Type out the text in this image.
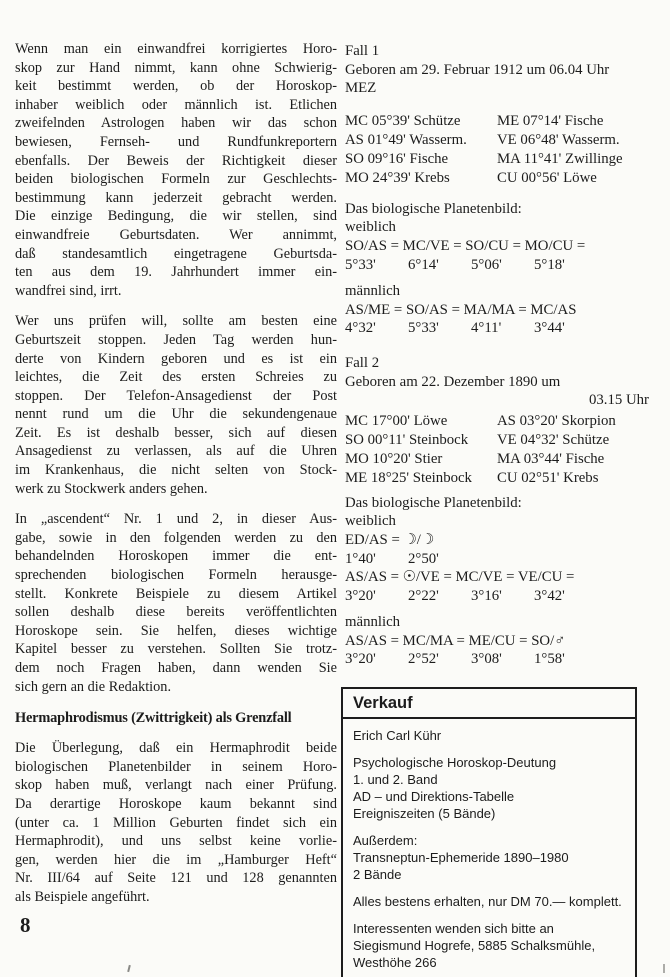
Wenn man ein einwandfrei korrigiertes Horo-
skop zur Hand nimmt, kann ohne Schwierig-
keit bestimmt werden, ob der Horoskop-
inhaber weiblich oder männlich ist. Etlichen
zweifelnden Astrologen haben wir das schon
bewiesen, Fernseh- und Rundfunkreportern
ebenfalls. Der Beweis der Richtigkeit dieser
beiden biologischen Formeln zur Geschlechts-
bestimmung kann jederzeit gebracht werden.
Die einzige Bedingung, die wir stellen, sind
einwandfreie Geburtsdaten. Wer annimmt,
daß standesamtlich eingetragene Geburtsda-
ten aus dem 19. Jahrhundert immer ein-
wandfrei sind, irrt.
Wer uns prüfen will, sollte am besten eine
Geburtszeit stoppen. Jeden Tag werden hun-
derte von Kindern geboren und es ist ein
leichtes, die Zeit des ersten Schreies zu
stoppen. Der Telefon-Ansagedienst der Post
nennt rund um die Uhr die sekundengenaue
Zeit. Es ist deshalb besser, sich auf diesen
Ansagedienst zu verlassen, als auf die Uhren
im Krankenhaus, die nicht selten von Stock-
werk zu Stockwerk anders gehen.
In „ascendent“ Nr. 1 und 2, in dieser Aus-
gabe, sowie in den folgenden werden zu den
behandelnden Horoskopen immer die ent-
sprechenden biologischen Formeln herausge-
stellt. Konkrete Beispiele zu diesem Artikel
sollen deshalb diese bereits veröffentlichten
Horoskope sein. Sie helfen, dieses wichtige
Kapitel besser zu verstehen. Sollten Sie trotz-
dem noch Fragen haben, dann wenden Sie
sich gern an die Redaktion.
Hermaphrodismus (Zwittrigkeit) als Grenzfall
Die Überlegung, daß ein Hermaphrodit beide
biologischen Planetenbilder in seinem Horo-
skop haben muß, verlangt nach einer Prüfung.
Da derartige Horoskope kaum bekannt sind
(unter ca. 1 Million Geburten findet sich ein
Hermaphrodit), und uns selbst keine vorlie-
gen, werden hier die im „Hamburger Heft“
Nr. III/64 auf Seite 121 und 128 genannten
als Beispiele angeführt.
8
Fall 1
Geboren am 29. Februar 1912 um 06.04 Uhr
MEZ
MC 05°39' Schütze	ME 07°14' Fische
AS 01°49' Wasserm.	VE 06°48' Wasserm.
SO 09°16' Fische	MA 11°41' Zwillinge
MO 24°39' Krebs	CU 00°56' Löwe
Das biologische Planetenbild:
weiblich
SO/AS = MC/VE = SO/CU = MO/CU =
5°33' 6°14' 5°06' 5°18'
männlich
AS/ME = SO/AS = MA/MA = MC/AS
4°32' 5°33' 4°11' 3°44'
Fall 2
Geboren am 22. Dezember 1890 um
03.15 Uhr
MC 17°00' Löwe	AS 03°20' Skorpion
SO 00°11' Steinbock	VE 04°32' Schütze
MO 10°20' Stier	MA 03°44' Fische
ME 18°25' Steinbock	CU 02°51' Krebs
Das biologische Planetenbild:
weiblich
ED/AS = ☽/☽
1°40' 2°50'
AS/AS = ☉/VE = MC/VE = VE/CU =
3°20' 2°22' 3°16' 3°42'
männlich
AS/AS = MC/MA = ME/CU = SO/♂
3°20' 2°52' 3°08' 1°58'
Verkauf
Erich Carl Kühr
Psychologische Horoskop-Deutung
1. und 2. Band
AD – und Direktions-Tabelle
Ereigniszeiten (5 Bände)
Außerdem:
Transneptun-Ephemeride 1890–1980
2 Bände
Alles bestens erhalten, nur DM 70.— komplett.
Interessenten wenden sich bitte an
Siegismund Hogrefe, 5885 Schalksmühle,
Westhöhe 266
